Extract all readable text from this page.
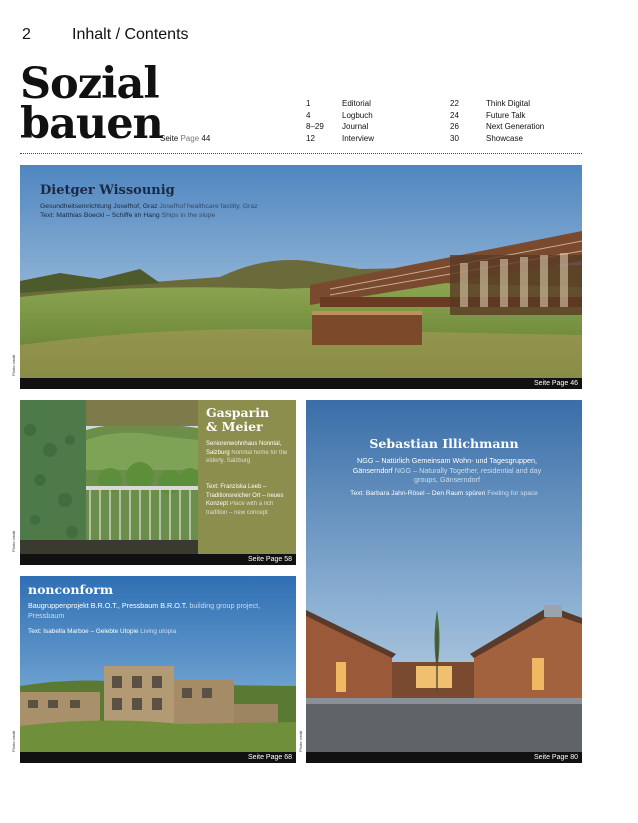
2	Inhalt / Contents
Sozial
bauen
Seite Page 44
1
4
8–29
12
Editorial
Logbuch
Journal
Interview
22
24
26
30
Think Digital
Future Talk
Next Generation
Showcase
Dietger Wissounig
Gesundheitseinrichtung Josefhof, Graz Josefhof healthcare facility, Graz
Text: Matthias Boeckl – Schiffe im Hang Ships in the slope
Photo credit
Seite Page 46
Gasparin
& Meier
Seniorenwohnhaus Nonntal, Salzburg Nonntal home for the elderly, Salzburg
Text: Franziska Leeb – Traditionsreicher Ort – neues Konzept Place with a rich tradition – new concept
Photo credit
Seite Page 58
Sebastian Illichmann
NGG – Natürlich Gemeinsam Wohn- und Tagesgruppen, Gänserndorf NGG – Naturally Together, residential and day groups, Gänserndorf
Text: Barbara Jahn-Rösel – Den Raum spüren Feeling for space
Photo credit
Seite Page 80
nonconform
Baugruppenprojekt B.R.O.T., Pressbaum B.R.O.T. building group project, Pressbaum
Text: Isabella Marboe – Gelebte Utopie Living utopia
Photo credit
Seite Page 68
